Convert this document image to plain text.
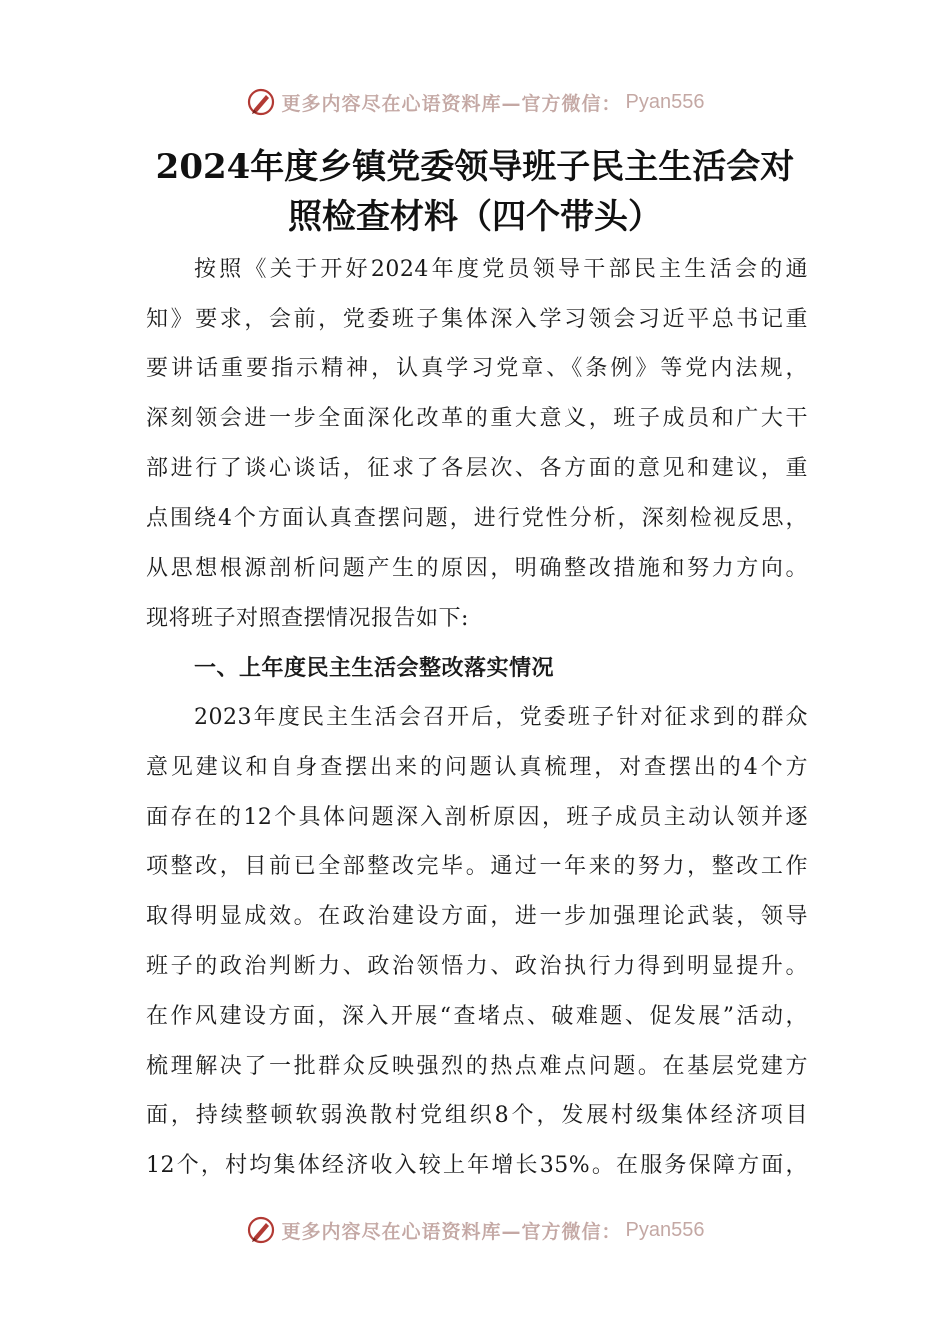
更多内容尽在心语资料库—官方微信： Pyan556
2024年度乡镇党委领导班子民主生活会对
照检查材料（四个带头）
按照《关于开好2024年度党员领导干部民主生活会的通
知》要求，会前，党委班子集体深入学习领会习近平总书记重
要讲话重要指示精神，认真学习党章、《条例》等党内法规，
深刻领会进一步全面深化改革的重大意义，班子成员和广大干
部进行了谈心谈话，征求了各层次、各方面的意见和建议，重
点围绕4个方面认真查摆问题，进行党性分析，深刻检视反思，
从思想根源剖析问题产生的原因，明确整改措施和努力方向。
现将班子对照查摆情况报告如下:
一、上年度民主生活会整改落实情况
2023年度民主生活会召开后，党委班子针对征求到的群众
意见建议和自身查摆出来的问题认真梳理，对查摆出的4个方
面存在的12个具体问题深入剖析原因，班子成员主动认领并逐
项整改，目前已全部整改完毕。通过一年来的努力，整改工作
取得明显成效。在政治建设方面，进一步加强理论武装，领导
班子的政治判断力、政治领悟力、政治执行力得到明显提升。
在作风建设方面，深入开展“查堵点、破难题、促发展”活动，
梳理解决了一批群众反映强烈的热点难点问题。在基层党建方
面，持续整顿软弱涣散村党组织8个，发展村级集体经济项目
12个，村均集体经济收入较上年增长35%。在服务保障方面，
更多内容尽在心语资料库—官方微信： Pyan556
